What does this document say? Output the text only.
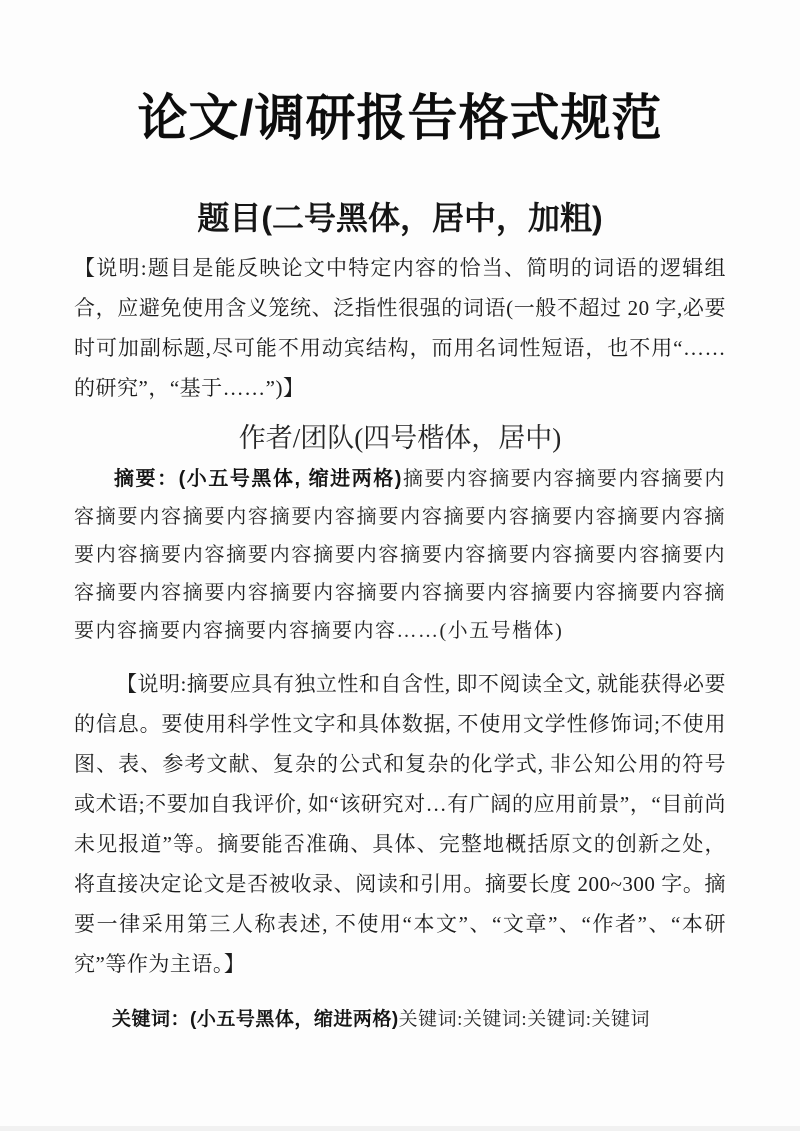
论文/调研报告格式规范
题目(二号黑体，居中，加粗)

【说明:题目是能反映论文中特定内容的恰当、简明的词语的逻辑组合，应避免使用含义笼统、泛指性很强的词语(一般不超过 20 字,必要时可加副标题,尽可能不用动宾结构，而用名词性短语，也不用“……的研究”，“基于……”)】

作者/团队(四号楷体，居中)

摘要：(小五号黑体, 缩进两格)摘要内容摘要内容摘要内容摘要内容摘要内容摘要内容摘要内容摘要内容摘要内容摘要内容摘要内容摘要内容摘要内容摘要内容摘要内容摘要内容摘要内容摘要内容摘要内容摘要内容摘要内容摘要内容摘要内容摘要内容摘要内容摘要内容摘要内容摘要内容摘要内容摘要内容……(小五号楷体)

【说明:摘要应具有独立性和自含性, 即不阅读全文, 就能获得必要的信息。要使用科学性文字和具体数据, 不使用文学性修饰词;不使用图、表、参考文献、复杂的公式和复杂的化学式, 非公知公用的符号或术语;不要加自我评价, 如“该研究对…有广阔的应用前景”，“目前尚未见报道”等。摘要能否准确、具体、完整地概括原文的创新之处，将直接决定论文是否被收录、阅读和引用。摘要长度 200~300 字。摘要一律采用第三人称表述, 不使用“本文”、“文章”、“作者”、“本研究”等作为主语。】

关键词：(小五号黑体，缩进两格)关键词:关键词:关键词:关键词
